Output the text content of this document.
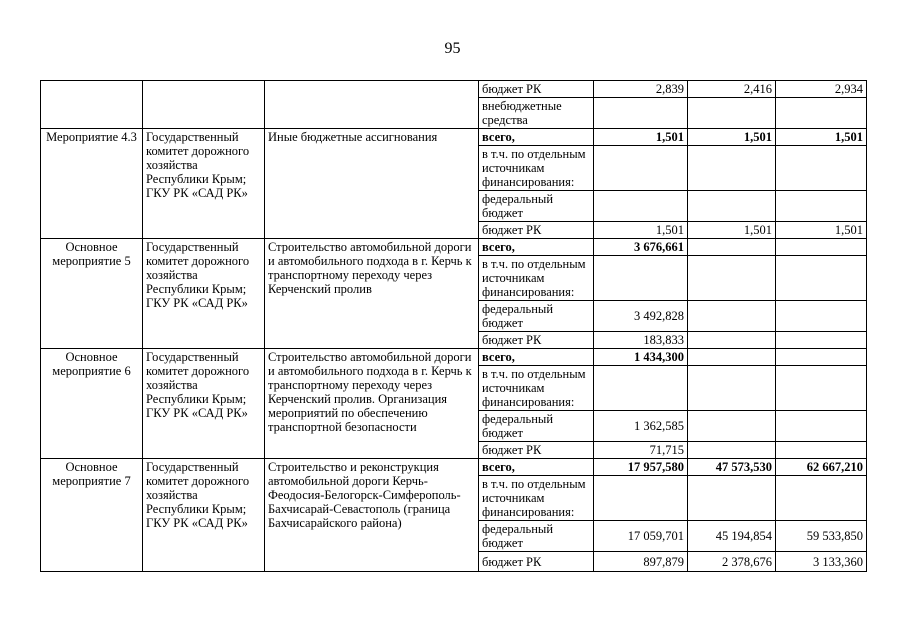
95
			бюджет РК	2,839	2,416	2,934
			внебюджетные средства			
Мероприятие 4.3	Государственный комитет дорожного хозяйства Республики Крым; ГКУ РК «САД РК»	Иные бюджетные ассигнования	всего,	1,501	1,501	1,501
			в т.ч. по отдельным источникам финансирования:			
			федеральный бюджет			
			бюджет РК	1,501	1,501	1,501
Основное мероприятие 5	Государственный комитет дорожного хозяйства Республики Крым; ГКУ РК «САД РК»	Строительство автомобильной дороги и автомобильного подхода в г. Керчь к транспортному переходу через Керченский пролив	всего,	3 676,661		
			в т.ч. по отдельным источникам финансирования:			
			федеральный бюджет	3 492,828		
			бюджет РК	183,833		
Основное мероприятие 6	Государственный комитет дорожного хозяйства Республики Крым; ГКУ РК «САД РК»	Строительство автомобильной дороги и автомобильного подхода в г. Керчь к транспортному переходу через Керченский пролив. Организация мероприятий по обеспечению транспортной безопасности	всего,	1 434,300		
			в т.ч. по отдельным источникам финансирования:			
			федеральный бюджет	1 362,585		
			бюджет РК	71,715		
Основное мероприятие 7	Государственный комитет дорожного хозяйства Республики Крым; ГКУ РК «САД РК»	Строительство и реконструкция автомобильной дороги Керчь-Феодосия-Белогорск-Симферополь-Бахчисарай-Севастополь (граница Бахчисарайского района)	всего,	17 957,580	47 573,530	62 667,210
			в т.ч. по отдельным источникам финансирования:			
			федеральный бюджет	17 059,701	45 194,854	59 533,850
			бюджет РК	897,879	2 378,676	3 133,360
